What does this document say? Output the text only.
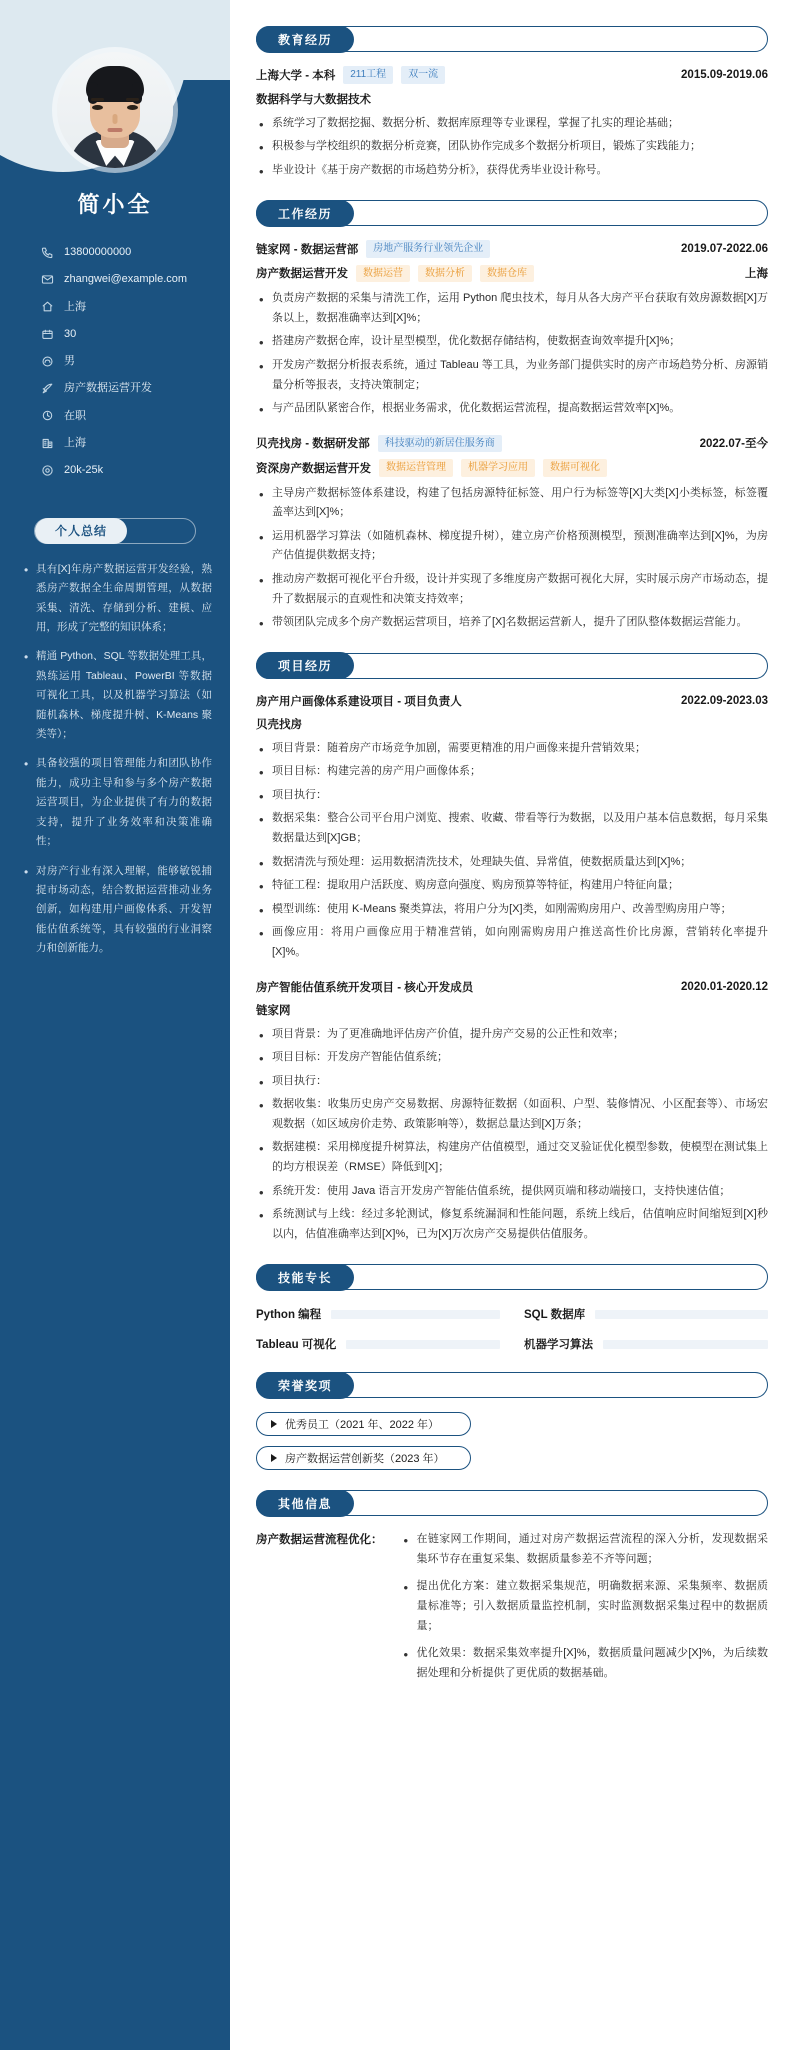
简小全
13800000000
zhangwei@example.com
上海
30
男
房产数据运营开发
在职
上海
20k-25k
个人总结
• 具有[X]年房产数据运营开发经验，熟悉房产数据全生命周期管理，从数据采集、清洗、存储到分析、建模、应用，形成了完整的知识体系；
• 精通 Python、SQL 等数据处理工具，熟练运用 Tableau、PowerBI 等数据可视化工具，以及机器学习算法（如随机森林、梯度提升树、K-Means 聚类等）；
• 具备较强的项目管理能力和团队协作能力，成功主导和参与多个房产数据运营项目，为企业提供了有力的数据支持，提升了业务效率和决策准确性；
• 对房产行业有深入理解，能够敏锐捕捉市场动态，结合数据运营推动业务创新，如构建用户画像体系、开发智能估值系统等，具有较强的行业洞察力和创新能力。
教育经历
上海大学 - 本科	211工程	双一流	2015.09-2019.06
数据科学与大数据技术
• 系统学习了数据挖掘、数据分析、数据库原理等专业课程，掌握了扎实的理论基础；
• 积极参与学校组织的数据分析竞赛，团队协作完成多个数据分析项目，锻炼了实践能力；
• 毕业设计《基于房产数据的市场趋势分析》，获得优秀毕业设计称号。
工作经历
链家网 - 数据运营部	房地产服务行业领先企业	2019.07-2022.06
房产数据运营开发	数据运营	数据分析	数据仓库	上海
• 负责房产数据的采集与清洗工作，运用 Python 爬虫技术，每月从各大房产平台获取有效房源数据[X]万条以上，数据准确率达到[X]%；
• 搭建房产数据仓库，设计星型模型，优化数据存储结构，使数据查询效率提升[X]%；
• 开发房产数据分析报表系统，通过 Tableau 等工具，为业务部门提供实时的房产市场趋势分析、房源销量分析等报表，支持决策制定；
• 与产品团队紧密合作，根据业务需求，优化数据运营流程，提高数据运营效率[X]%。
贝壳找房 - 数据研发部	科技驱动的新居住服务商	2022.07-至今
资深房产数据运营开发	数据运营管理	机器学习应用	数据可视化
• 主导房产数据标签体系建设，构建了包括房源特征标签、用户行为标签等[X]大类[X]小类标签，标签覆盖率达到[X]%；
• 运用机器学习算法（如随机森林、梯度提升树），建立房产价格预测模型，预测准确率达到[X]%，为房产估值提供数据支持；
• 推动房产数据可视化平台升级，设计并实现了多维度房产数据可视化大屏，实时展示房产市场动态，提升了数据展示的直观性和决策支持效率；
• 带领团队完成多个房产数据运营项目，培养了[X]名数据运营新人，提升了团队整体数据运营能力。
项目经历
房产用户画像体系建设项目 - 项目负责人	2022.09-2023.03
贝壳找房
• 项目背景：随着房产市场竞争加剧，需要更精准的用户画像来提升营销效果；
• 项目目标：构建完善的房产用户画像体系；
• 项目执行：
• 数据采集：整合公司平台用户浏览、搜索、收藏、带看等行为数据，以及用户基本信息数据，每月采集数据量达到[X]GB；
• 数据清洗与预处理：运用数据清洗技术，处理缺失值、异常值，使数据质量达到[X]%；
• 特征工程：提取用户活跃度、购房意向强度、购房预算等特征，构建用户特征向量；
• 模型训练：使用 K-Means 聚类算法，将用户分为[X]类，如刚需购房用户、改善型购房用户等；
• 画像应用：将用户画像应用于精准营销，如向刚需购房用户推送高性价比房源，营销转化率提升[X]%。
房产智能估值系统开发项目 - 核心开发成员	2020.01-2020.12
链家网
• 项目背景：为了更准确地评估房产价值，提升房产交易的公正性和效率；
• 项目目标：开发房产智能估值系统；
• 项目执行：
• 数据收集：收集历史房产交易数据、房源特征数据（如面积、户型、装修情况、小区配套等）、市场宏观数据（如区域房价走势、政策影响等），数据总量达到[X]万条；
• 数据建模：采用梯度提升树算法，构建房产估值模型，通过交叉验证优化模型参数，使模型在测试集上的均方根误差（RMSE）降低到[X]；
• 系统开发：使用 Java 语言开发房产智能估值系统，提供网页端和移动端接口，支持快速估值；
• 系统测试与上线：经过多轮测试，修复系统漏洞和性能问题，系统上线后，估值响应时间缩短到[X]秒以内，估值准确率达到[X]%，已为[X]万次房产交易提供估值服务。
技能专长
Python 编程	SQL 数据库
Tableau 可视化	机器学习算法
荣誉奖项
优秀员工（2021 年、2022 年）
房产数据运营创新奖（2023 年）
其他信息
房产数据运营流程优化：	• 在链家网工作期间，通过对房产数据运营流程的深入分析，发现数据采集环节存在重复采集、数据质量参差不齐等问题；
• 提出优化方案：建立数据采集规范，明确数据来源、采集频率、数据质量标准等；引入数据质量监控机制，实时监测数据采集过程中的数据质量；
• 优化效果：数据采集效率提升[X]%，数据质量问题减少[X]%，为后续数据处理和分析提供了更优质的数据基础。
